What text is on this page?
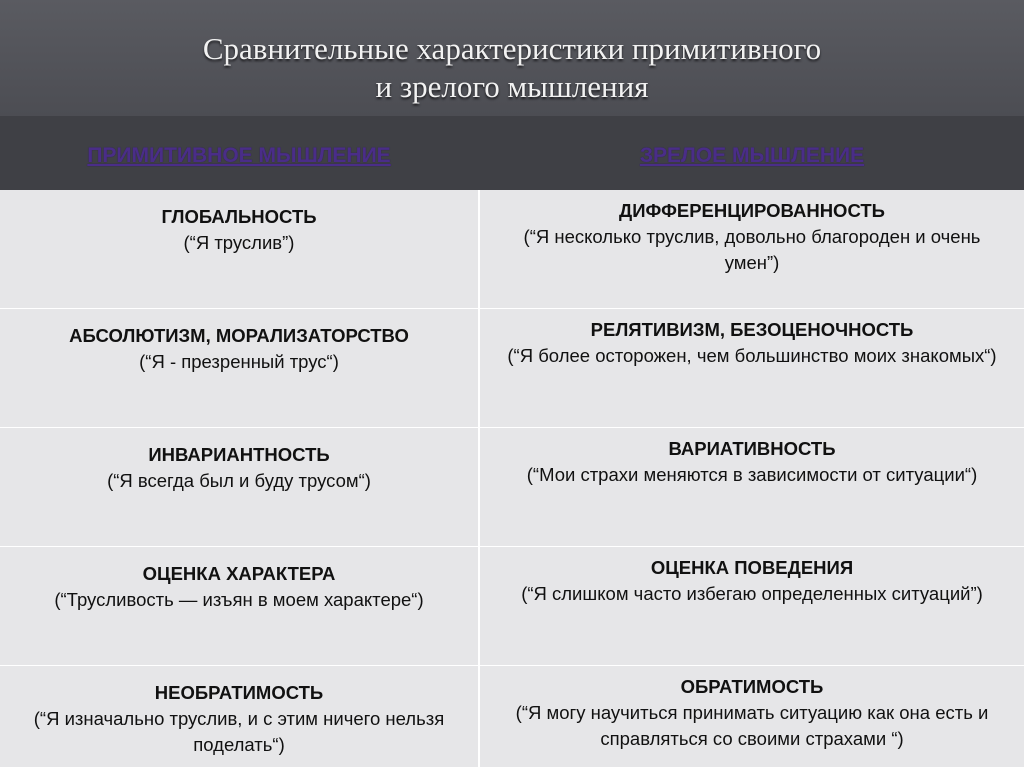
Сравнительные характеристики примитивного
и зрелого мышления
ПРИМИТИВНОЕ МЫШЛЕНИЕ	ЗРЕЛОЕ МЫШЛЕНИЕ
ГЛОБАЛЬНОСТЬ
(“Я труслив”)
ДИФФЕРЕНЦИРОВАННОСТЬ
(“Я несколько труслив, довольно благороден и очень умен”)
АБСОЛЮТИЗМ, МОРАЛИЗАТОРСТВО
(“Я - презренный трус“)
РЕЛЯТИВИЗМ, БЕЗОЦЕНОЧНОСТЬ
(“Я более осторожен, чем большинство моих знакомых“)
ИНВАРИАНТНОСТЬ
(“Я всегда был и буду трусом“)
ВАРИАТИВНОСТЬ
(“Мои страхи меняются в зависимости от ситуации“)
ОЦЕНКА ХАРАКТЕРА
(“Трусливость — изъян в моем характере“)
ОЦЕНКА ПОВЕДЕНИЯ
(“Я слишком часто избегаю определенных ситуаций”)
НЕОБРАТИМОСТЬ
(“Я изначально труслив, и с этим ничего нельзя поделать“)
ОБРАТИМОСТЬ
(“Я могу научиться принимать ситуацию как она есть и справляться со своими страхами “)
